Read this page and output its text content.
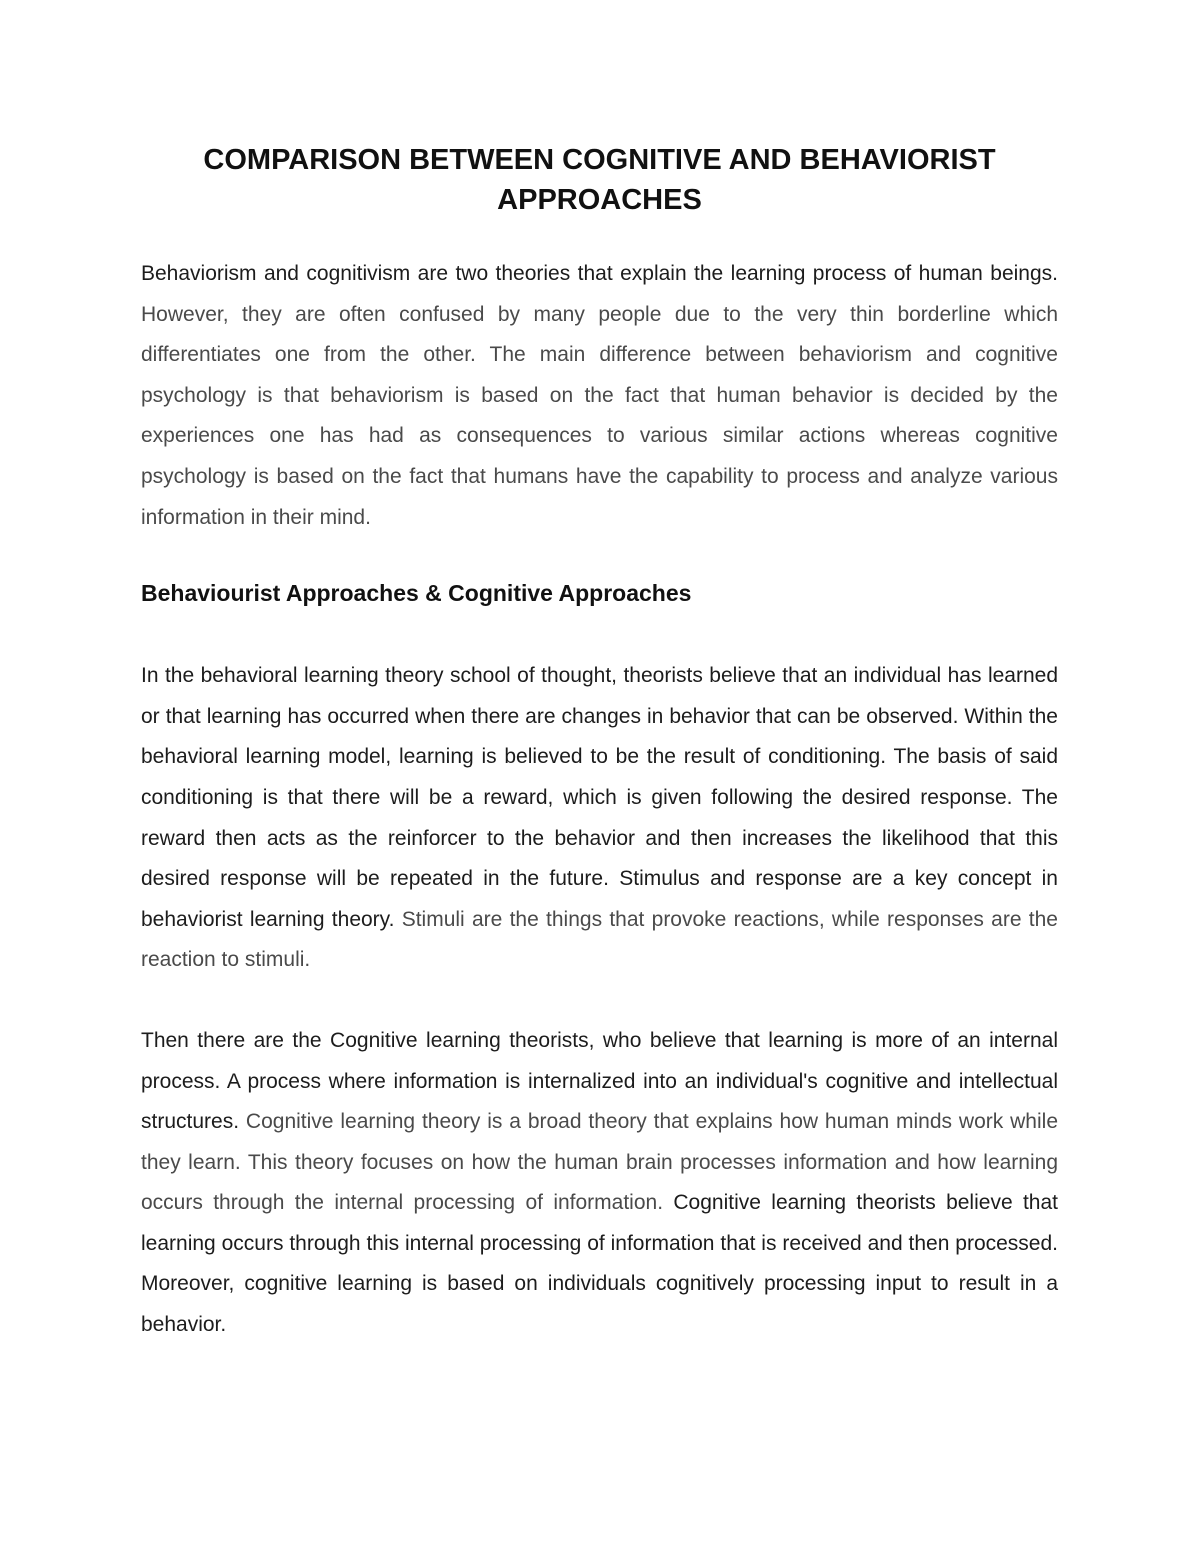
COMPARISON BETWEEN COGNITIVE AND BEHAVIORIST APPROACHES

Behaviorism and cognitivism are two theories that explain the learning process of human beings. However, they are often confused by many people due to the very thin borderline which differentiates one from the other. The main difference between behaviorism and cognitive psychology is that behaviorism is based on the fact that human behavior is decided by the experiences one has had as consequences to various similar actions whereas cognitive psychology is based on the fact that humans have the capability to process and analyze various information in their mind.

Behaviourist Approaches & Cognitive Approaches

In the behavioral learning theory school of thought, theorists believe that an individual has learned or that learning has occurred when there are changes in behavior that can be observed. Within the behavioral learning model, learning is believed to be the result of conditioning. The basis of said conditioning is that there will be a reward, which is given following the desired response. The reward then acts as the reinforcer to the behavior and then increases the likelihood that this desired response will be repeated in the future. Stimulus and response are a key concept in behaviorist learning theory. Stimuli are the things that provoke reactions, while responses are the reaction to stimuli.

Then there are the Cognitive learning theorists, who believe that learning is more of an internal process. A process where information is internalized into an individual's cognitive and intellectual structures. Cognitive learning theory is a broad theory that explains how human minds work while they learn. This theory focuses on how the human brain processes information and how learning occurs through the internal processing of information. Cognitive learning theorists believe that learning occurs through this internal processing of information that is received and then processed. Moreover, cognitive learning is based on individuals cognitively processing input to result in a behavior.
